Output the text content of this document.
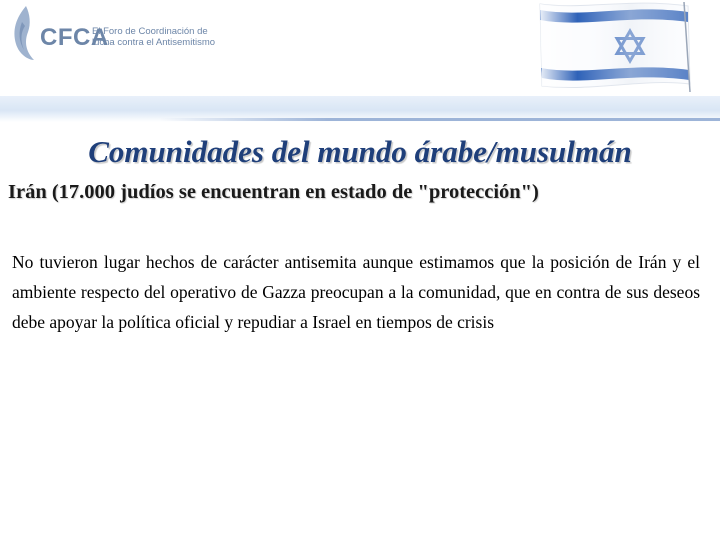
CFCA
El Foro de Coordinación de
lucha contra el Antisemitismo
Comunidades del mundo árabe/musulmán
Irán (17.000 judíos se encuentran en estado de "protección")

No tuvieron lugar hechos de carácter antisemita aunque estimamos que la posición de Irán y el ambiente respecto del operativo de Gazza preocupan a la comunidad, que en contra de sus deseos debe apoyar la política oficial y repudiar a Israel en tiempos de crisis
